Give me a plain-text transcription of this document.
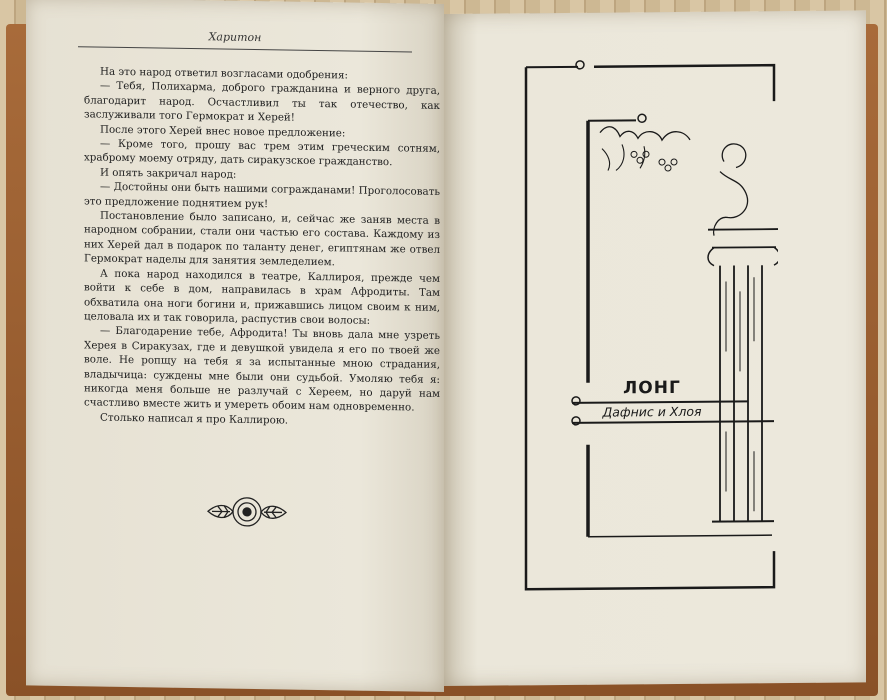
Харитон

На это народ ответил возгласами одобрения:

— Тебя, Полихарма, доброго гражданина и верного друга, благодарит народ. Осчастливил ты так отечество, как заслуживали того Гермократ и Херей!

После этого Херей внес новое предложение:

— Кроме того, прошу вас трем этим греческим сотням, храброму моему отряду, дать сиракузское гражданство.

И опять закричал народ:

— Достойны они быть нашими согражданами! Проголосовать это предложение поднятием рук!

Постановление было записано, и, сейчас же заняв места в народном собрании, стали они частью его состава. Каждому из них Херей дал в подарок по таланту денег, египтянам же отвел Гермократ наделы для занятия земледелием.

А пока народ находился в театре, Каллироя, прежде чем войти к себе в дом, направилась в храм Афродиты. Там обхватила она ноги богини и, прижавшись лицом своим к ним, целовала их и так говорила, распустив свои волосы:

— Благодарение тебе, Афродита! Ты вновь дала мне узреть Херея в Сиракузах, где и девушкой увидела я его по твоей же воле. Не ропщу на тебя я за испытанные мною страдания, владычица: суждены мне были они судьбой. Умоляю тебя я: никогда меня больше не разлучай с Хереем, но даруй нам счастливо вместе жить и умереть обоим нам одновременно.

Столько написал я про Каллирою.

ЛОНГ
Дафнис и Хлоя
